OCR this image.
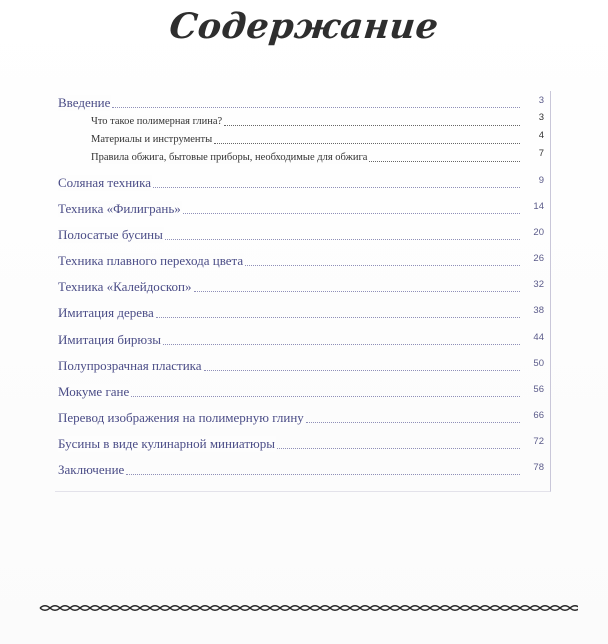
Содержание
Введение	3
Что такое полимерная глина?	3
Материалы и инструменты	4
Правила обжига, бытовые приборы, необходимые для обжига	7
Соляная техника	9
Техника «Филигрань»	14
Полосатые бусины	20
Техника плавного перехода цвета	26
Техника «Калейдоскоп»	32
Имитация дерева	38
Имитация бирюзы	44
Полупрозрачная пластика	50
Мокуме гане	56
Перевод изображения на полимерную глину	66
Бусины в виде кулинарной миниатюры	72
Заключение	78
